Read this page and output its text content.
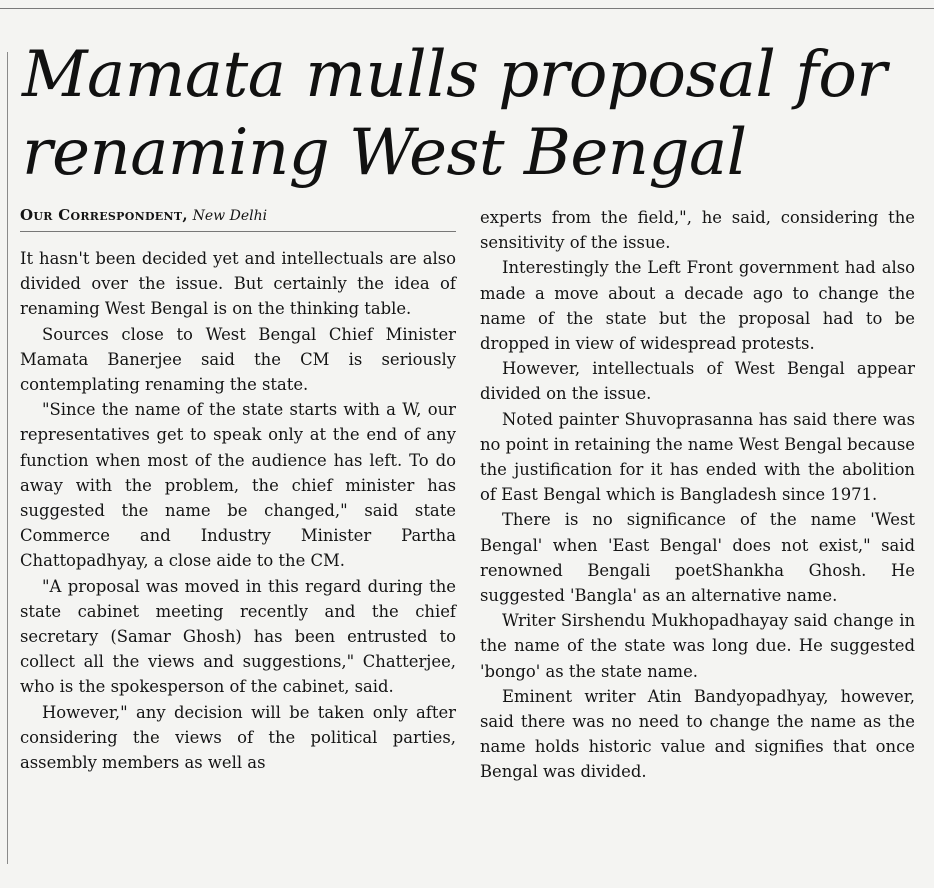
Mamata mulls proposal for renaming West Bengal
Our Correspondent, New Delhi

It hasn't been decided yet and intellectuals are also divided over the issue. But certainly the idea of renaming West Bengal is on the thinking table.

Sources close to West Bengal Chief Minister Mamata Banerjee said the CM is seriously contemplating renaming the state.

"Since the name of the state starts with a W, our representatives get to speak only at the end of any function when most of the audience has left. To do away with the problem, the chief minister has suggested the name be changed," said state Commerce and Industry Minister Partha Chattopadhyay, a close aide to the CM.

"A proposal was moved in this regard during the state cabinet meeting recently and the chief secretary (Samar Ghosh) has been entrusted to collect all the views and suggestions," Chatterjee, who is the spokesperson of the cabinet, said.

However," any decision will be taken only after considering the views of the political parties, assembly members as well as

experts from the field,", he said, considering the sensitivity of the issue.

Interestingly the Left Front government had also made a move about a decade ago to change the name of the state but the proposal had to be dropped in view of widespread protests.

However, intellectuals of West Bengal appear divided on the issue.

Noted painter Shuvoprasanna has said there was no point in retaining the name West Bengal because the justification for it has ended with the abolition of East Bengal which is Bangladesh since 1971.

There is no significance of the name 'West Bengal' when 'East Bengal' does not exist," said renowned Bengali poetShankha Ghosh. He suggested 'Bangla' as an alternative name.

Writer Sirshendu Mukhopadhayay said change in the name of the state was long due. He suggested 'bongo' as the state name.

Eminent writer Atin Bandyopadhyay, however, said there was no need to change the name as the name holds historic value and signifies that once Bengal was divided.
